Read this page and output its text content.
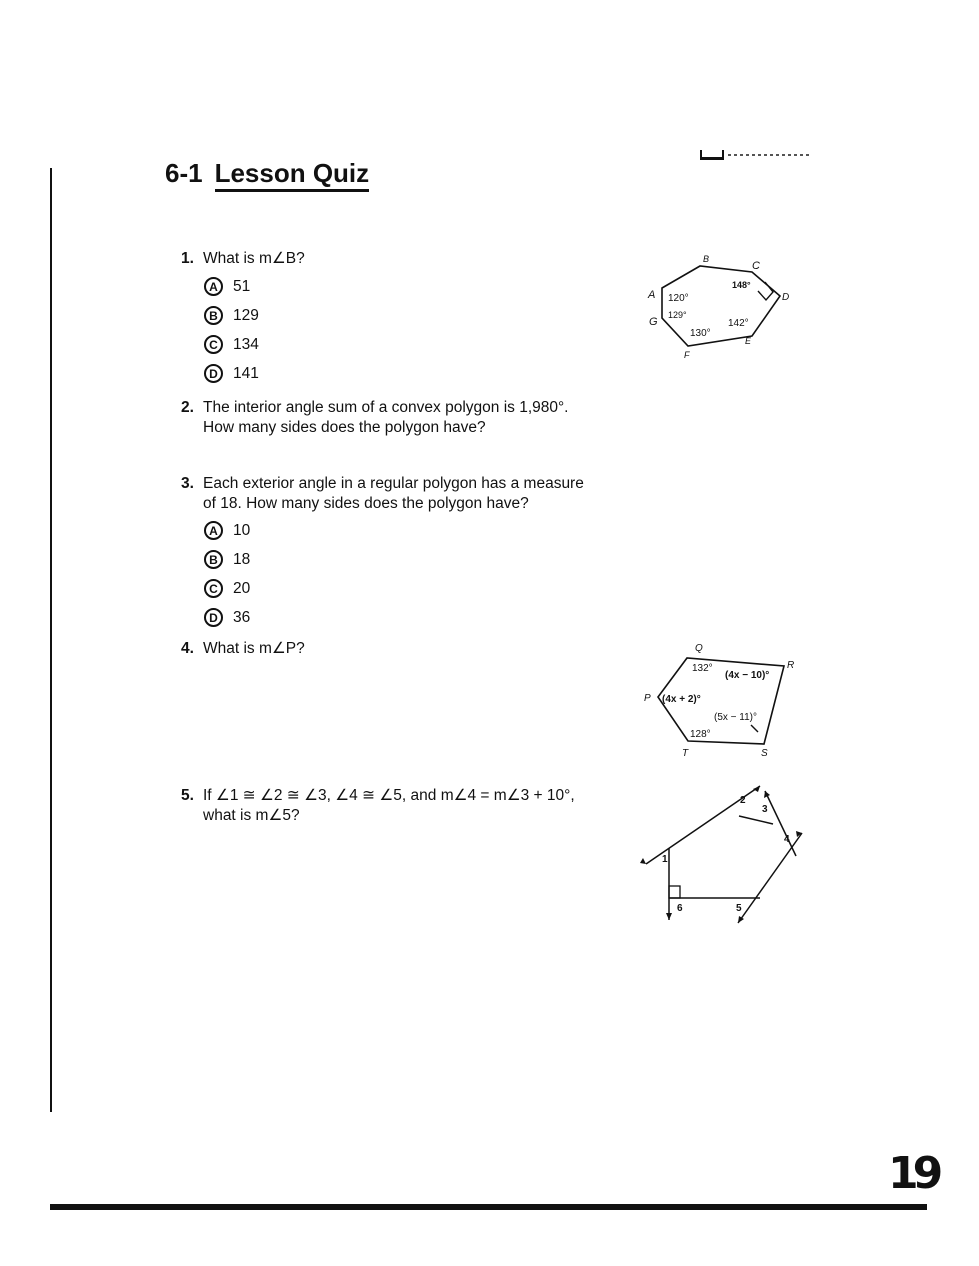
6-1 Lesson Quiz
1. What is m∠B?
A 51
B 129
C 134
D 141
2. The interior angle sum of a convex polygon is 1,980°.
How many sides does the polygon have?
3. Each exterior angle in a regular polygon has a measure
of 18. How many sides does the polygon have?
A 10
B 18
C 20
D 36
4. What is m∠P?
5. If ∠1 ≅ ∠2 ≅ ∠3, ∠4 ≅ ∠5, and m∠4 = m∠3 + 10°,
what is m∠5?
A
B
C
D
E
F
G
120°
148°
129°
130°
142°
Q
R
P
T	S
132°
(4x − 10)°
(4x + 2)°
(5x − 11)°
128°
1
2
3
4
5
6
19
